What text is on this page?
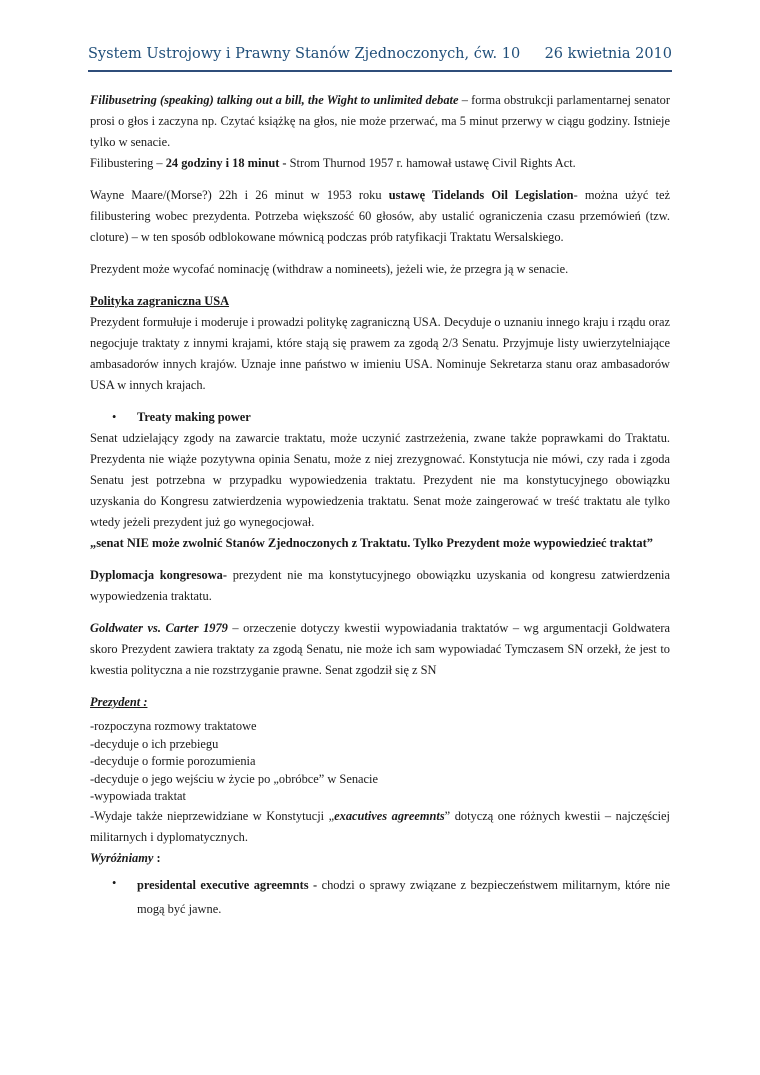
System Ustrojowy i Prawny Stanów Zjednoczonych, ćw. 10 26 kwietnia 2010

Filibusetring (speaking) talking out a bill, the Wight to unlimited debate – forma obstrukcji parlamentarnej senator prosi o głos i zaczyna np. Czytać książkę na głos, nie może przerwać, ma 5 minut przerwy w ciągu godziny. Istnieje tylko w senacie.

Filibustering – 24 godziny i 18 minut - Strom Thurnod 1957 r. hamował ustawę Civil Rights Act.

Wayne Maare/(Morse?) 22h i 26 minut w 1953 roku ustawę Tidelands Oil Legislation- można użyć też filibustering wobec prezydenta. Potrzeba większość 60 głosów, aby ustalić ograniczenia czasu przemówień (tzw. cloture) – w ten sposób odblokowane mównicą podczas prób ratyfikacji Traktatu Wersalskiego.

Prezydent może wycofać nominację (withdraw a nomineets), jeżeli wie, że przegra ją w senacie.

Polityka zagraniczna USA

Prezydent formułuje i moderuje i prowadzi politykę zagraniczną USA. Decyduje o uznaniu innego kraju i rządu oraz negocjuje traktaty z innymi krajami, które stają się prawem za zgodą 2/3 Senatu. Przyjmuje listy uwierzytelniające ambasadorów innych krajów. Uznaje inne państwo w imieniu USA. Nominuje Sekretarza stanu oraz ambasadorów USA w innych krajach.

• Treaty making power

Senat udzielający zgody na zawarcie traktatu, może uczynić zastrzeżenia, zwane także poprawkami do Traktatu. Prezydenta nie wiąże pozytywna opinia Senatu, może z niej zrezygnować. Konstytucja nie mówi, czy rada i zgoda Senatu jest potrzebna w przypadku wypowiedzenia traktatu. Prezydent nie ma konstytucyjnego obowiązku uzyskania do Kongresu zatwierdzenia wypowiedzenia traktatu. Senat może zaingerować w treść traktatu ale tylko wtedy jeżeli prezydent już go wynegocjował.

„senat NIE może zwolnić Stanów Zjednoczonych z Traktatu. Tylko Prezydent może wypowiedzieć traktat”

Dyplomacja kongresowa- prezydent nie ma konstytucyjnego obowiązku uzyskania od kongresu zatwierdzenia wypowiedzenia traktatu.

Goldwater vs. Carter 1979 – orzeczenie dotyczy kwestii wypowiadania traktatów – wg argumentacji Goldwatera skoro Prezydent zawiera traktaty za zgodą Senatu, nie może ich sam wypowiadać Tymczasem SN orzekł, że jest to kwestia polityczna a nie rozstrzyganie prawne. Senat zgodził się z SN

Prezydent :

-rozpoczyna rozmowy traktatowe

-decyduje o ich przebiegu

-decyduje o formie porozumienia

-decyduje o jego wejściu w życie po „obróbce” w Senacie

-wypowiada traktat

-Wydaje także nieprzewidziane w Konstytucji „exacutives agreemnts” dotyczą one różnych kwestii – najczęściej militarnych i dyplomatycznych.

Wyróżniamy :

• presidental executive agreemnts - chodzi o sprawy związane z bezpieczeństwem militarnym, które nie mogą być jawne.
